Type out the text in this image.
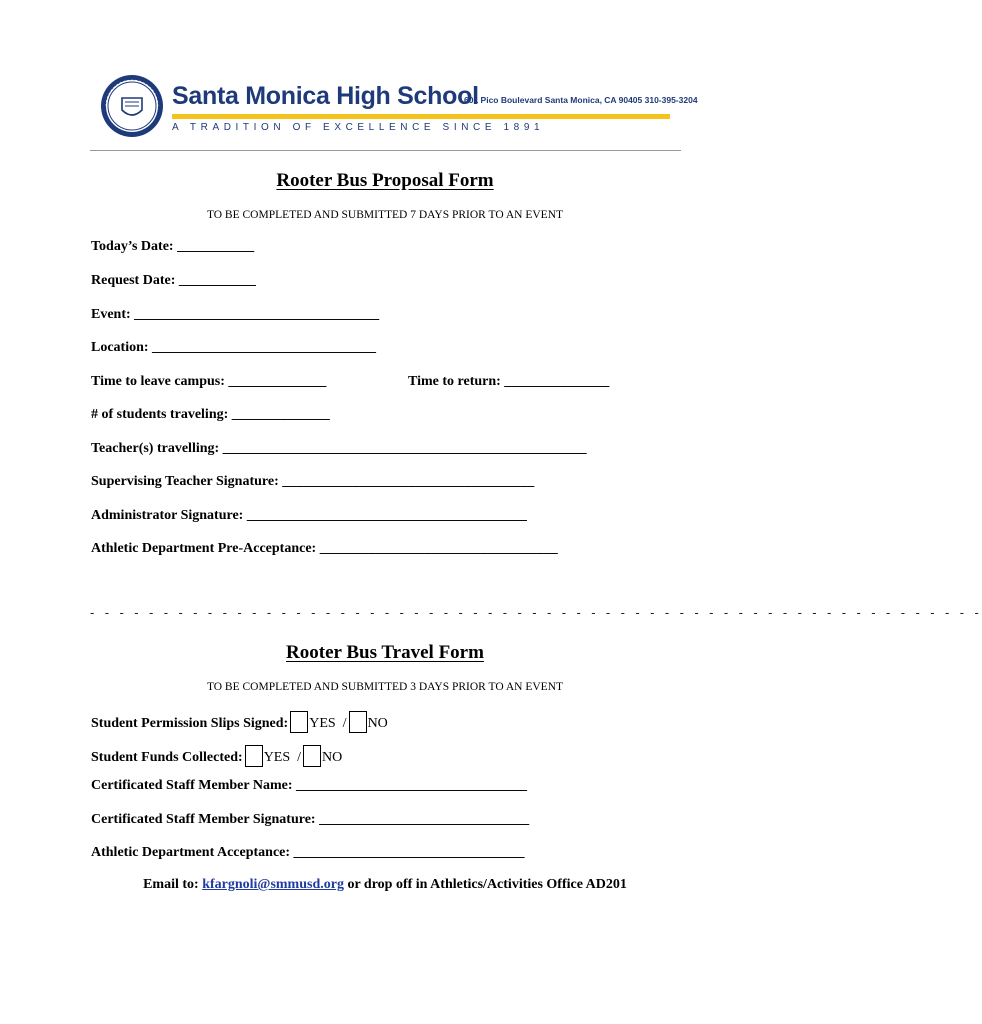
Santa Monica High School
601 Pico Boulevard Santa Monica, CA 90405 310-395-3204
A TRADITION OF EXCELLENCE SINCE 1891
Rooter Bus Proposal Form
TO BE COMPLETED AND SUBMITTED 7 DAYS PRIOR TO AN EVENT
Today’s Date: ___________
Request Date: ___________
Event: ___________________________________
Location: ________________________________
Time to leave campus: ______________	Time to return: _______________
# of students traveling: ______________
Teacher(s) travelling: ____________________________________________________
Supervising Teacher Signature: ____________________________________
Administrator Signature: ________________________________________
Athletic Department Pre-Acceptance: __________________________________
- - - - - - - - - - - - - - - - - - - - - - - - - - - - - - - - - - - - - - - - - - - - - - - - - - - - - - - - - - - - -
Rooter Bus Travel Form
TO BE COMPLETED AND SUBMITTED 3 DAYS PRIOR TO AN EVENT
Student Permission Slips Signed: YES / NO
Student Funds Collected: YES / NO
Certificated Staff Member Name: _________________________________
Certificated Staff Member Signature: ______________________________
Athletic Department Acceptance: _________________________________
Email to: kfargnoli@smmusd.org or drop off in Athletics/Activities Office AD201
